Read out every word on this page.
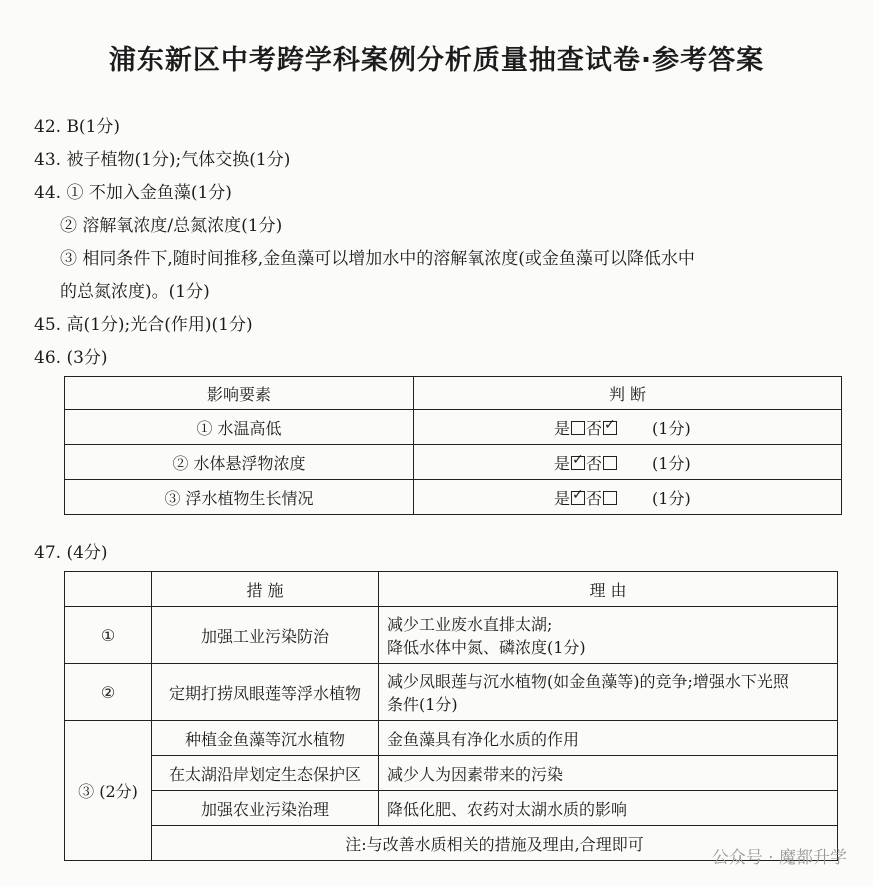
浦东新区中考跨学科案例分析质量抽查试卷·参考答案
42. B(1分)
43. 被子植物(1分);气体交换(1分)
44. ① 不加入金鱼藻(1分)
② 溶解氧浓度/总氮浓度(1分)
③ 相同条件下,随时间推移,金鱼藻可以增加水中的溶解氧浓度(或金鱼藻可以降低水中
的总氮浓度)。(1分)
45. 高(1分);光合(作用)(1分)
46. (3分)
影响要素	判 断
① 水温高低	是 否 ✓ (1分)
② 水体悬浮物浓度	是 ✓ 否 (1分)
③ 浮水植物生长情况	是 ✓ 否 (1分)
47. (4分)
	措 施	理 由
①	加强工业污染防治	减少工业废水直排太湖;
降低水体中氮、磷浓度(1分)

②	定期打捞凤眼莲等浮水植物	减少凤眼莲与沉水植物(如金鱼藻等)的竞争;增强水下光照
条件(1分)

③ (2分)	种植金鱼藻等沉水植物	金鱼藻具有净化水质的作用
	在太湖沿岸划定生态保护区	减少人为因素带来的污染
	加强农业污染治理	降低化肥、农药对太湖水质的影响
	注:与改善水质相关的措施及理由,合理即可	
公众号 · 魔都升学
